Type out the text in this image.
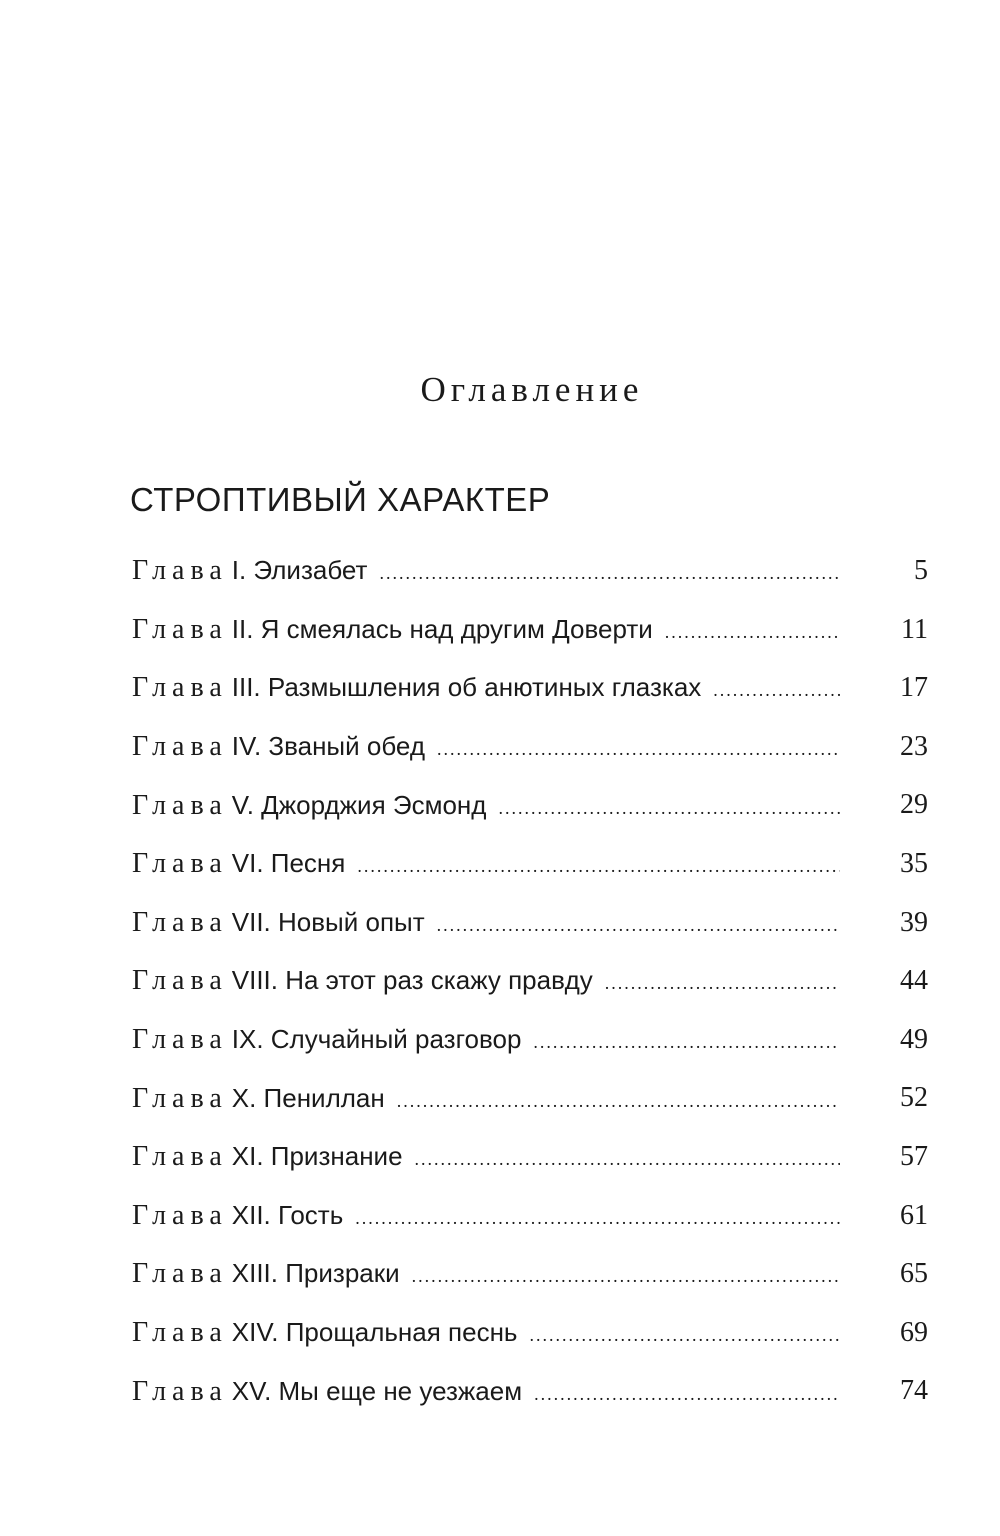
Оглавление
СТРОПТИВЫЙ ХАРАКТЕР
Глава I. Элизабет .....	5
Глава II. Я смеялась над другим Доверти .....	11
Глава III. Размышления об анютиных глазках .....	17
Глава IV. Званый обед .....	23
Глава V. Джорджия Эсмонд .....	29
Глава VI. Песня .....	35
Глава VII. Новый опыт .....	39
Глава VIII. На этот раз скажу правду .....	44
Глава IX. Случайный разговор .....	49
Глава X. Пениллан .....	52
Глава XI. Признание .....	57
Глава XII. Гость .....	61
Глава XIII. Призраки .....	65
Глава XIV. Прощальная песнь .....	69
Глава XV. Мы еще не уезжаем .....	74
